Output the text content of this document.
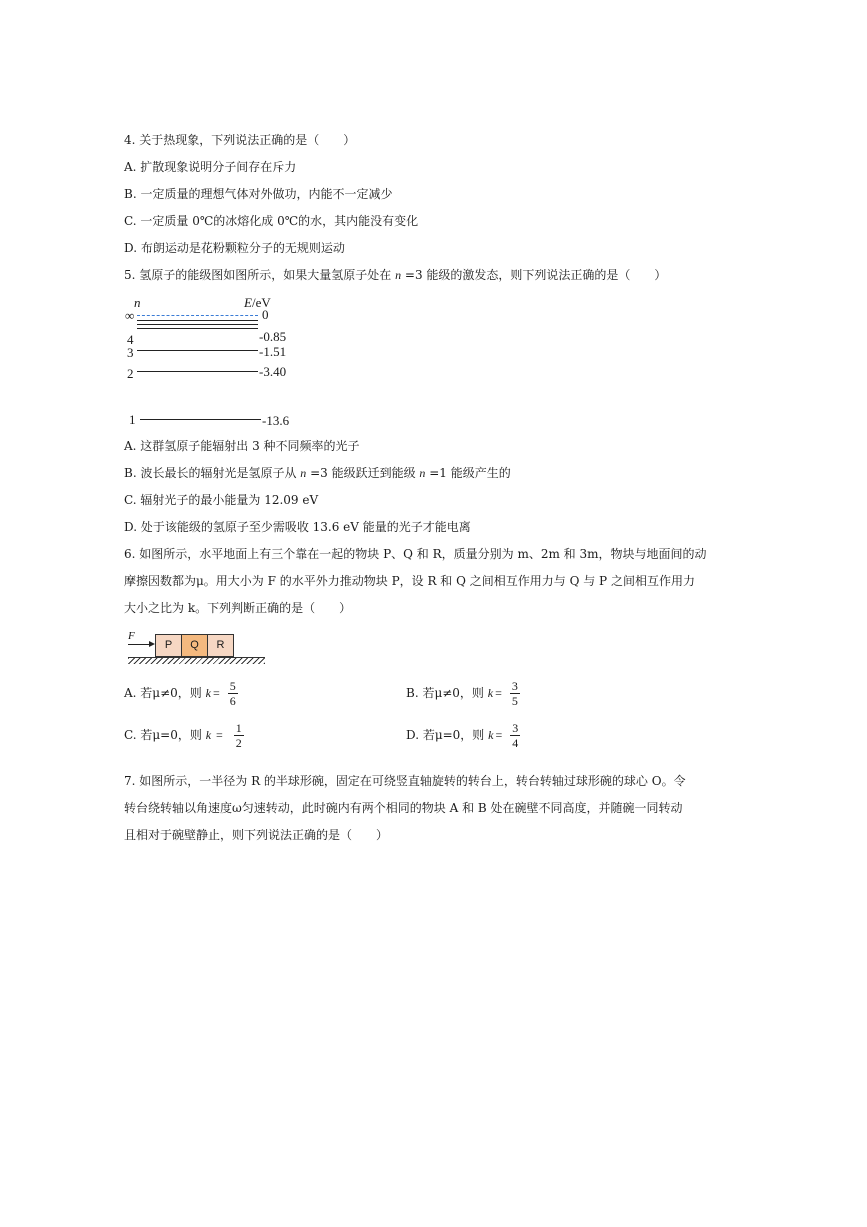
4. 关于热现象，下列说法正确的是（　　）
A. 扩散现象说明分子间存在斥力
B. 一定质量的理想气体对外做功，内能不一定减少
C. 一定质量 0℃的冰熔化成 0℃的水，其内能没有变化
D. 布朗运动是花粉颗粒分子的无规则运动
5. 氢原子的能级图如图所示，如果大量氢原子处在 n =3 能级的激发态，则下列说法正确的是（　　）
n	E/eV
∞	0
4	-0.85
3	-1.51
2	-3.40
1	-13.6
A. 这群氢原子能辐射出 3 种不同频率的光子
B. 波长最长的辐射光是氢原子从 n =3 能级跃迁到能级 n =1 能级产生的
C. 辐射光子的最小能量为 12.09 eV
D. 处于该能级的氢原子至少需吸收 13.6 eV 能量的光子才能电离
6. 如图所示，水平地面上有三个靠在一起的物块 P、Q 和 R，质量分别为 m、2m 和 3m，物块与地面间的动
摩擦因数都为μ。用大小为 F 的水平外力推动物块 P，设 R 和 Q 之间相互作用力与 Q 与 P 之间相互作用力
大小之比为 k。下列判断正确的是（　　）
F
P	Q	R
A. 若μ≠0，则 $k = \frac{5}{6}$	B. 若μ≠0，则 $k = \frac{3}{5}$
C. 若μ=0，则 $k = \frac{1}{2}$	D. 若μ=0，则 $k = \frac{3}{4}$
7. 如图所示，一半径为 R 的半球形碗，固定在可绕竖直轴旋转的转台上，转台转轴过球形碗的球心 O。令
转台绕转轴以角速度ω匀速转动，此时碗内有两个相同的物块 A 和 B 处在碗壁不同高度，并随碗一同转动
且相对于碗壁静止，则下列说法正确的是（　　）
